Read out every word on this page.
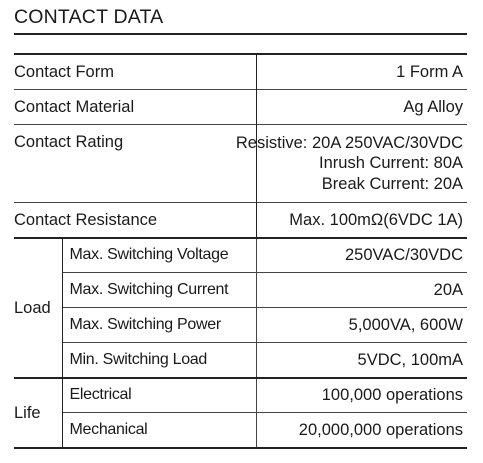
CONTACT DATA
Contact Form		1 Form A
Contact Material		Ag Alloy
Contact Rating		Resistive: 20A 250VAC/30VDC
Inrush Current: 80A
Break Current: 20A

Contact Resistance		Max. 100mΩ(6VDC 1A)
Load	Max. Switching Voltage	250VAC/30VDC
	Max. Switching Current	20A
	Max. Switching Power	5,000VA, 600W
	Min. Switching Load	5VDC, 100mA
Life	Electrical	100,000 operations
	Mechanical	20,000,000 operations
